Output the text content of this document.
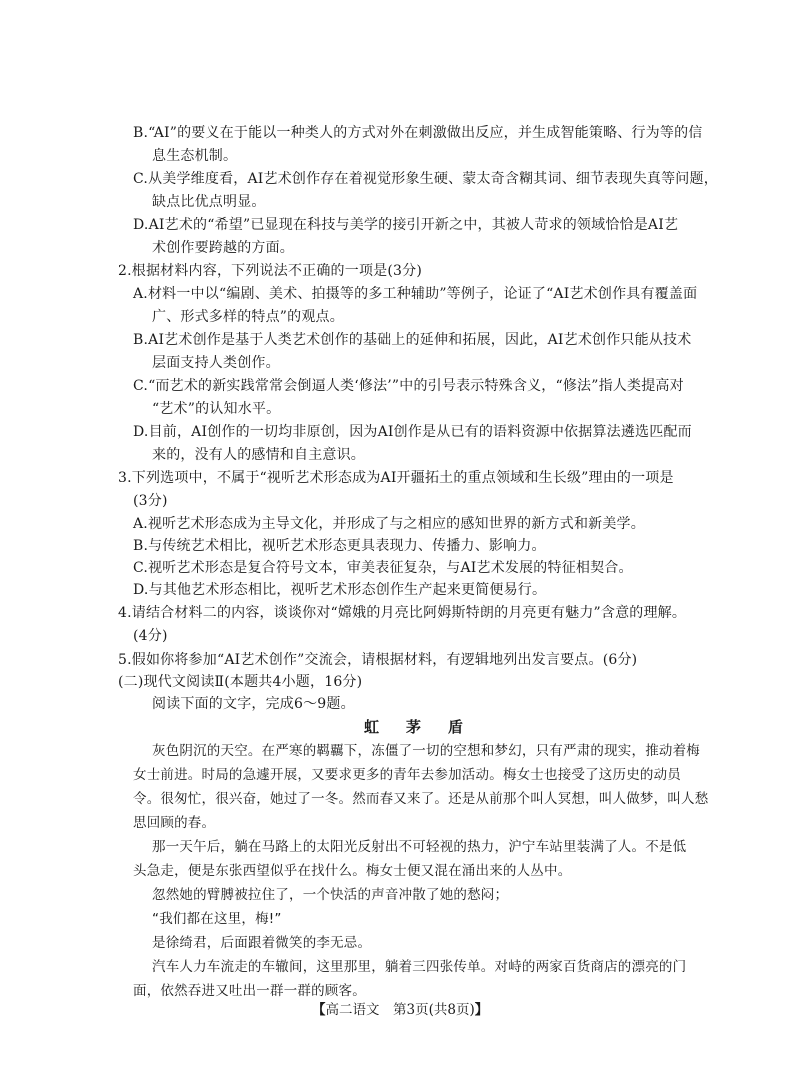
B.“AI”的要义在于能以一种类人的方式对外在刺激做出反应，并生成智能策略、行为等的信
息生态机制。
C.从美学维度看，AI艺术创作存在着视觉形象生硬、蒙太奇含糊其词、细节表现失真等问题，
缺点比优点明显。
D.AI艺术的“希望”已显现在科技与美学的接引开新之中，其被人苛求的领域恰恰是AI艺
术创作要跨越的方面。
2.根据材料内容，下列说法不正确的一项是(3分)
A.材料一中以“编剧、美术、拍摄等的多工种辅助”等例子，论证了“AI艺术创作具有覆盖面
广、形式多样的特点”的观点。
B.AI艺术创作是基于人类艺术创作的基础上的延伸和拓展，因此，AI艺术创作只能从技术
层面支持人类创作。
C.“而艺术的新实践常常会倒逼人类‘修法’”中的引号表示特殊含义，“修法”指人类提高对
“艺术”的认知水平。
D.目前，AI创作的一切均非原创，因为AI创作是从已有的语料资源中依据算法遴选匹配而
来的，没有人的感情和自主意识。
3.下列选项中，不属于“视听艺术形态成为AI开疆拓土的重点领域和生长级”理由的一项是
(3分)
A.视听艺术形态成为主导文化，并形成了与之相应的感知世界的新方式和新美学。
B.与传统艺术相比，视听艺术形态更具表现力、传播力、影响力。
C.视听艺术形态是复合符号文本，审美表征复杂，与AI艺术发展的特征相契合。
D.与其他艺术形态相比，视听艺术形态创作生产起来更简便易行。
4.请结合材料二的内容，谈谈你对“嫦娥的月亮比阿姆斯特朗的月亮更有魅力”含意的理解。
(4分)
5.假如你将参加“AI艺术创作”交流会，请根据材料，有逻辑地列出发言要点。(6分)
(二)现代文阅读Ⅱ(本题共4小题，16分)
阅读下面的文字，完成6～9题。
虹　茅　盾
灰色阴沉的天空。在严寒的羁覊下，冻僵了一切的空想和梦幻，只有严肃的现实，推动着梅
女士前进。时局的急遽开展，又要求更多的青年去参加活动。梅女士也接受了这历史的动员
令。很匆忙，很兴奋，她过了一冬。然而春又来了。还是从前那个叫人冥想，叫人做梦，叫人愁
思回顾的春。
那一天午后，躺在马路上的太阳光反射出不可轻视的热力，沪宁车站里装满了人。不是低
头急走，便是东张西望似乎在找什么。梅女士便又混在涌出来的人丛中。
忽然她的臂膊被拉住了，一个快活的声音冲散了她的愁闷；
“我们都在这里，梅!”
是徐绮君，后面跟着微笑的李无忌。
汽车人力车流走的车辙间，这里那里，躺着三四张传单。对峙的两家百货商店的漂亮的门
面，依然吞进又吐出一群一群的顾客。
【高二语文　 第3页(共8页)】
